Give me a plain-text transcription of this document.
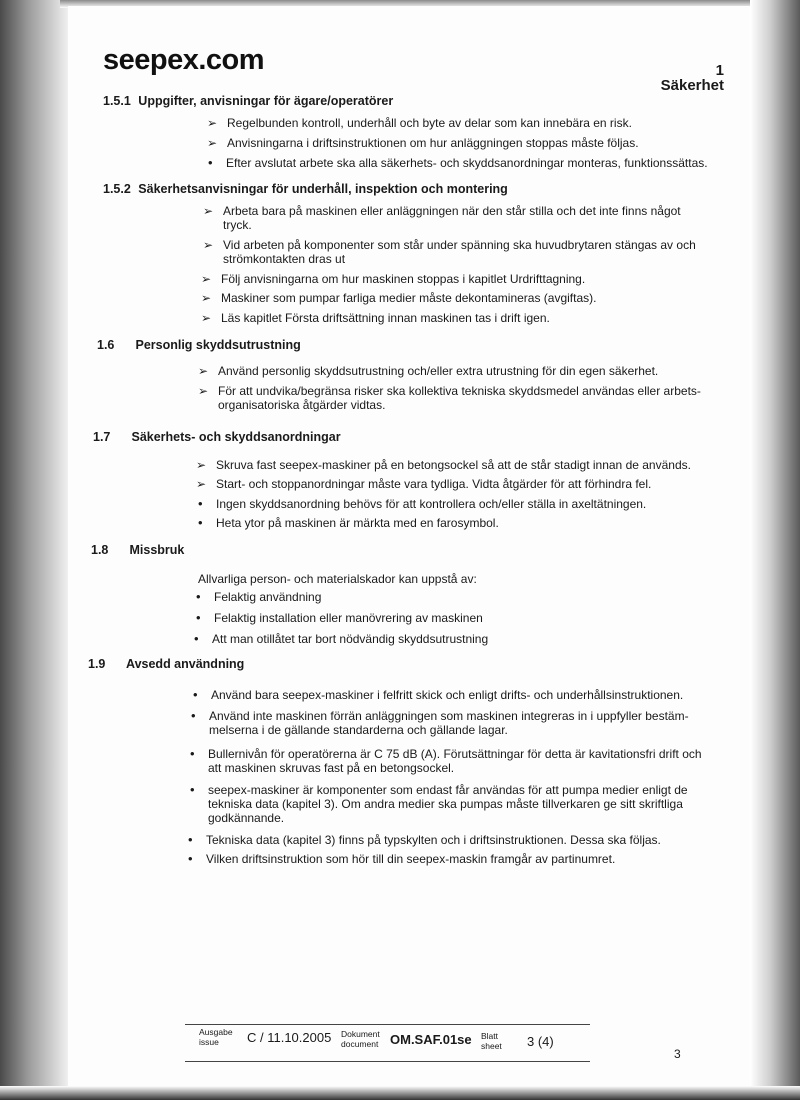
seepex.com	1
Säkerhet
1.5.1 Uppgifter, anvisningar för ägare/operatörer
➢ Regelbunden kontroll, underhåll och byte av delar som kan innebära en risk.
➢ Anvisningarna i driftsinstruktionen om hur anläggningen stoppas måste följas.
• Efter avslutat arbete ska alla säkerhets- och skyddsanordningar monteras, funktionssättas.
1.5.2 Säkerhetsanvisningar för underhåll, inspektion och montering
➢ Arbeta bara på maskinen eller anläggningen när den står stilla och det inte finns något tryck.
➢ Vid arbeten på komponenter som står under spänning ska huvudbrytaren stängas av och strömkontakten dras ut
➢ Följ anvisningarna om hur maskinen stoppas i kapitlet Urdrifttagning.
➢ Maskiner som pumpar farliga medier måste dekontamineras (avgiftas).
➢ Läs kapitlet Första driftsättning innan maskinen tas i drift igen.
1.6 Personlig skyddsutrustning
➢ Använd personlig skyddsutrustning och/eller extra utrustning för din egen säkerhet.
➢ För att undvika/begränsa risker ska kollektiva tekniska skyddsmedel användas eller arbets-organisatoriska åtgärder vidtas.
1.7 Säkerhets- och skyddsanordningar
➢ Skruva fast seepex-maskiner på en betongsockel så att de står stadigt innan de används.
➢ Start- och stoppanordningar måste vara tydliga. Vidta åtgärder för att förhindra fel.
• Ingen skyddsanordning behövs för att kontrollera och/eller ställa in axeltätningen.
• Heta ytor på maskinen är märkta med en farosymbol.
1.8 Missbruk
Allvarliga person- och materialskador kan uppstå av:
• Felaktig användning
• Felaktig installation eller manövrering av maskinen
• Att man otillåtet tar bort nödvändig skyddsutrustning
1.9 Avsedd användning
• Använd bara seepex-maskiner i felfritt skick och enligt drifts- och underhållsinstruktionen.
• Använd inte maskinen förrän anläggningen som maskinen integreras in i uppfyller bestäm-melserna i de gällande standarderna och gällande lagar.
• Bullernivån för operatörerna är C 75 dB (A). Förutsättningar för detta är kavitationsfri drift och att maskinen skruvas fast på en betongsockel.
• seepex-maskiner är komponenter som endast får användas för att pumpa medier enligt de tekniska data (kapitel 3). Om andra medier ska pumpas måste tillverkaren ge sitt skriftliga godkännande.
• Tekniska data (kapitel 3) finns på typskylten och i driftsinstruktionen. Dessa ska följas.
• Vilken driftsinstruktion som hör till din seepex-maskin framgår av partinumret.
Ausgabe
issue	C / 11.10.2005 Dokument
document OM.SAF.01se Blatt
sheet 3 (4)
3
